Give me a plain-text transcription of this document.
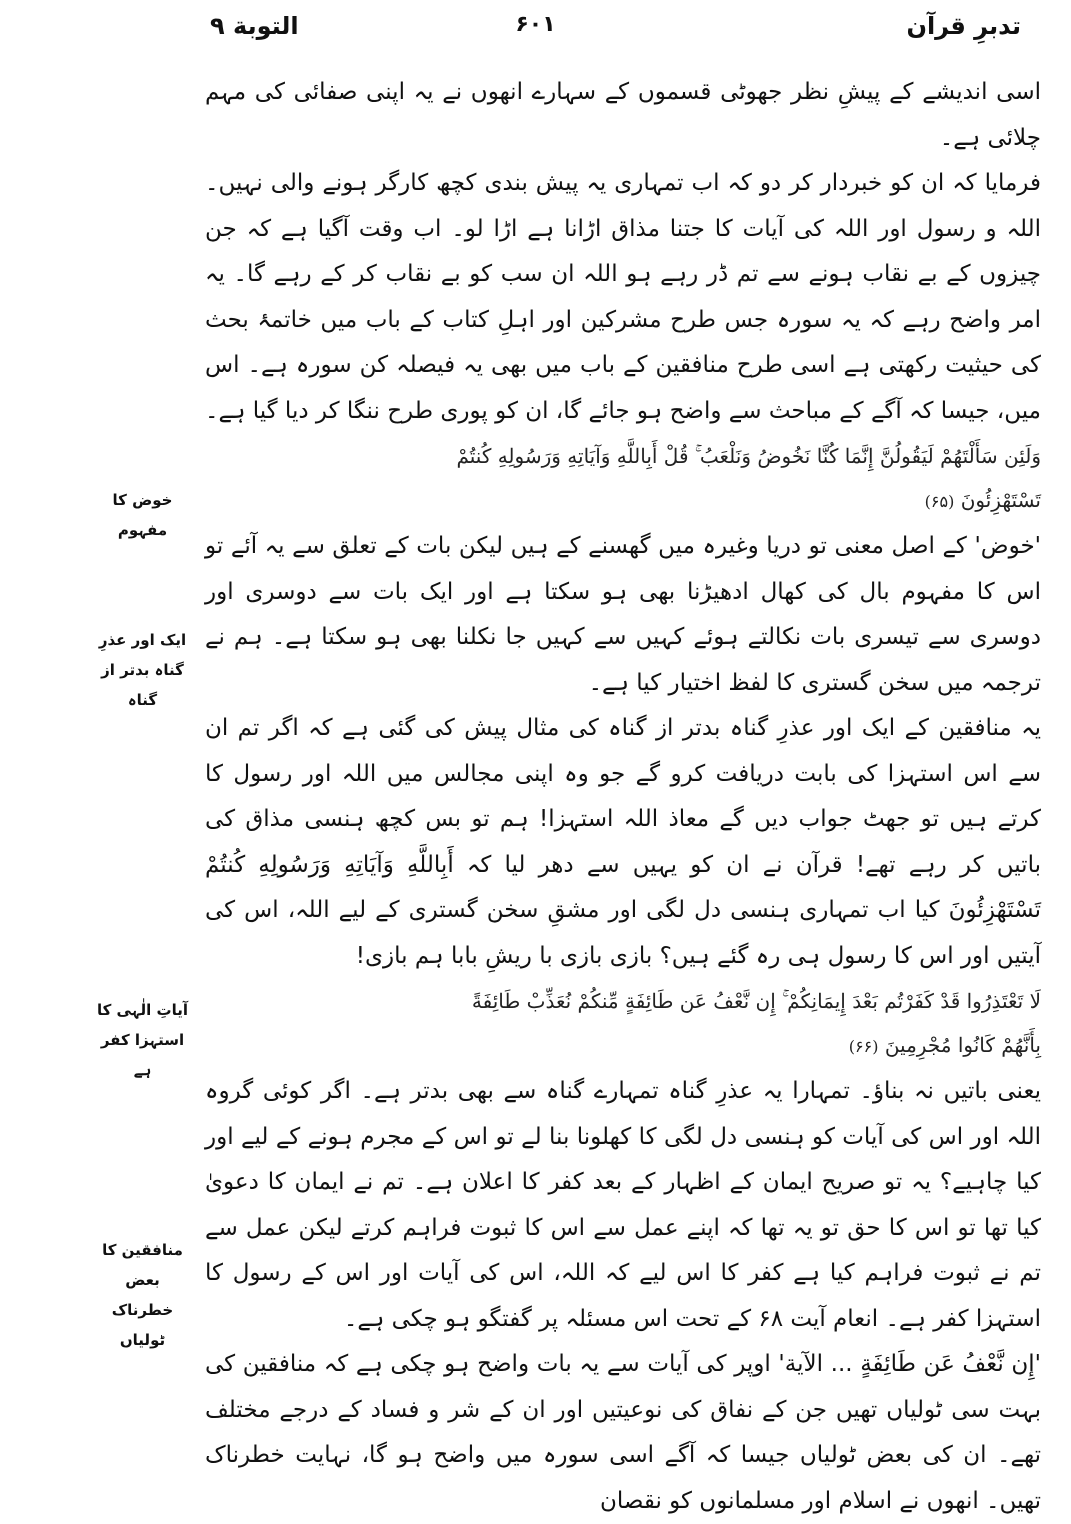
تدبرِ قرآن
۶۰۱
التوبة ۹

اسی اندیشے کے پیشِ نظر جھوٹی قسموں کے سہارے انھوں نے یہ اپنی صفائی کی مہم چلائی ہے۔

فرمایا کہ ان کو خبردار کر دو کہ اب تمہاری یہ پیش بندی کچھ کارگر ہونے والی نہیں۔ اللہ و رسول اور اللہ کی آیات کا جتنا مذاق اڑانا ہے اڑا لو۔ اب وقت آگیا ہے کہ جن چیزوں کے بے نقاب ہونے سے تم ڈر رہے ہو اللہ ان سب کو بے نقاب کر کے رہے گا۔ یہ امر واضح رہے کہ یہ سورہ جس طرح مشرکین اور اہلِ کتاب کے باب میں خاتمۂ بحث کی حیثیت رکھتی ہے اسی طرح منافقین کے باب میں بھی یہ فیصلہ کن سورہ ہے۔ اس میں، جیسا کہ آگے کے مباحث سے واضح ہو جائے گا، ان کو پوری طرح ننگا کر دیا گیا ہے۔

وَلَئِن سَأَلْتَهُمْ لَيَقُولُنَّ إِنَّمَا كُنَّا نَخُوضُ وَنَلْعَبُ ۚ قُلْ أَبِاللَّهِ وَآيَاتِهِ وَرَسُولِهِ كُنتُمْ
تَسْتَهْزِئُونَ (۶۵)

'خوض' کے اصل معنی تو دریا وغیرہ میں گھسنے کے ہیں لیکن بات کے تعلق سے یہ آئے تو اس کا مفہوم بال کی کھال ادھیڑنا بھی ہو سکتا ہے اور ایک بات سے دوسری اور دوسری سے تیسری بات نکالتے ہوئے کہیں سے کہیں جا نکلنا بھی ہو سکتا ہے۔ ہم نے ترجمہ میں سخن گستری کا لفظ اختیار کیا ہے۔

یہ منافقین کے ایک اور عذرِ گناہ بدتر از گناہ کی مثال پیش کی گئی ہے کہ اگر تم ان سے اس استہزا کی بابت دریافت کرو گے جو وہ اپنی مجالس میں اللہ اور رسول کا کرتے ہیں تو جھٹ جواب دیں گے معاذ اللہ استہزا! ہم تو بس کچھ ہنسی مذاق کی باتیں کر رہے تھے! قرآن نے ان کو یہیں سے دھر لیا کہ أَبِاللَّهِ وَآيَاتِهِ وَرَسُولِهِ كُنتُمْ تَسْتَهْزِئُونَ کیا اب تمہاری ہنسی دل لگی اور مشقِ سخن گستری کے لیے اللہ، اس کی آیتیں اور اس کا رسول ہی رہ گئے ہیں؟ بازی بازی با ریشِ بابا ہم بازی!

لَا تَعْتَذِرُوا قَدْ كَفَرْتُم بَعْدَ إِيمَانِكُمْ ۚ إِن نَّعْفُ عَن طَائِفَةٍ مِّنكُمْ نُعَذِّبْ طَائِفَةً
بِأَنَّهُمْ كَانُوا مُجْرِمِينَ (۶۶)

یعنی باتیں نہ بناؤ۔ تمہارا یہ عذرِ گناہ تمہارے گناہ سے بھی بدتر ہے۔ اگر کوئی گروہ اللہ اور اس کی آیات کو ہنسی دل لگی کا کھلونا بنا لے تو اس کے مجرم ہونے کے لیے اور کیا چاہیے؟ یہ تو صریح ایمان کے اظہار کے بعد کفر کا اعلان ہے۔ تم نے ایمان کا دعویٰ کیا تھا تو اس کا حق تو یہ تھا کہ اپنے عمل سے اس کا ثبوت فراہم کرتے لیکن عمل سے تم نے ثبوت فراہم کیا ہے کفر کا اس لیے کہ اللہ، اس کی آیات اور اس کے رسول کا استہزا کفر ہے۔ انعام آیت ۶۸ کے تحت اس مسئلہ پر گفتگو ہو چکی ہے۔

'إِن نَّعْفُ عَن طَائِفَةٍ ... الآية' اوپر کی آیات سے یہ بات واضح ہو چکی ہے کہ منافقین کی بہت سی ٹولیاں تھیں جن کے نفاق کی نوعیتیں اور ان کے شر و فساد کے درجے مختلف تھے۔ ان کی بعض ٹولیاں جیسا کہ آگے اسی سورہ میں واضح ہو گا، نہایت خطرناک تھیں۔ انھوں نے اسلام اور مسلمانوں کو نقصان

خوض کا مفہوم
ایک اور عذرِ گناہ بدتر از گناہ
آیاتِ الٰہی کا استہزا کفر ہے
منافقین کا بعض خطرناک ٹولیاں
